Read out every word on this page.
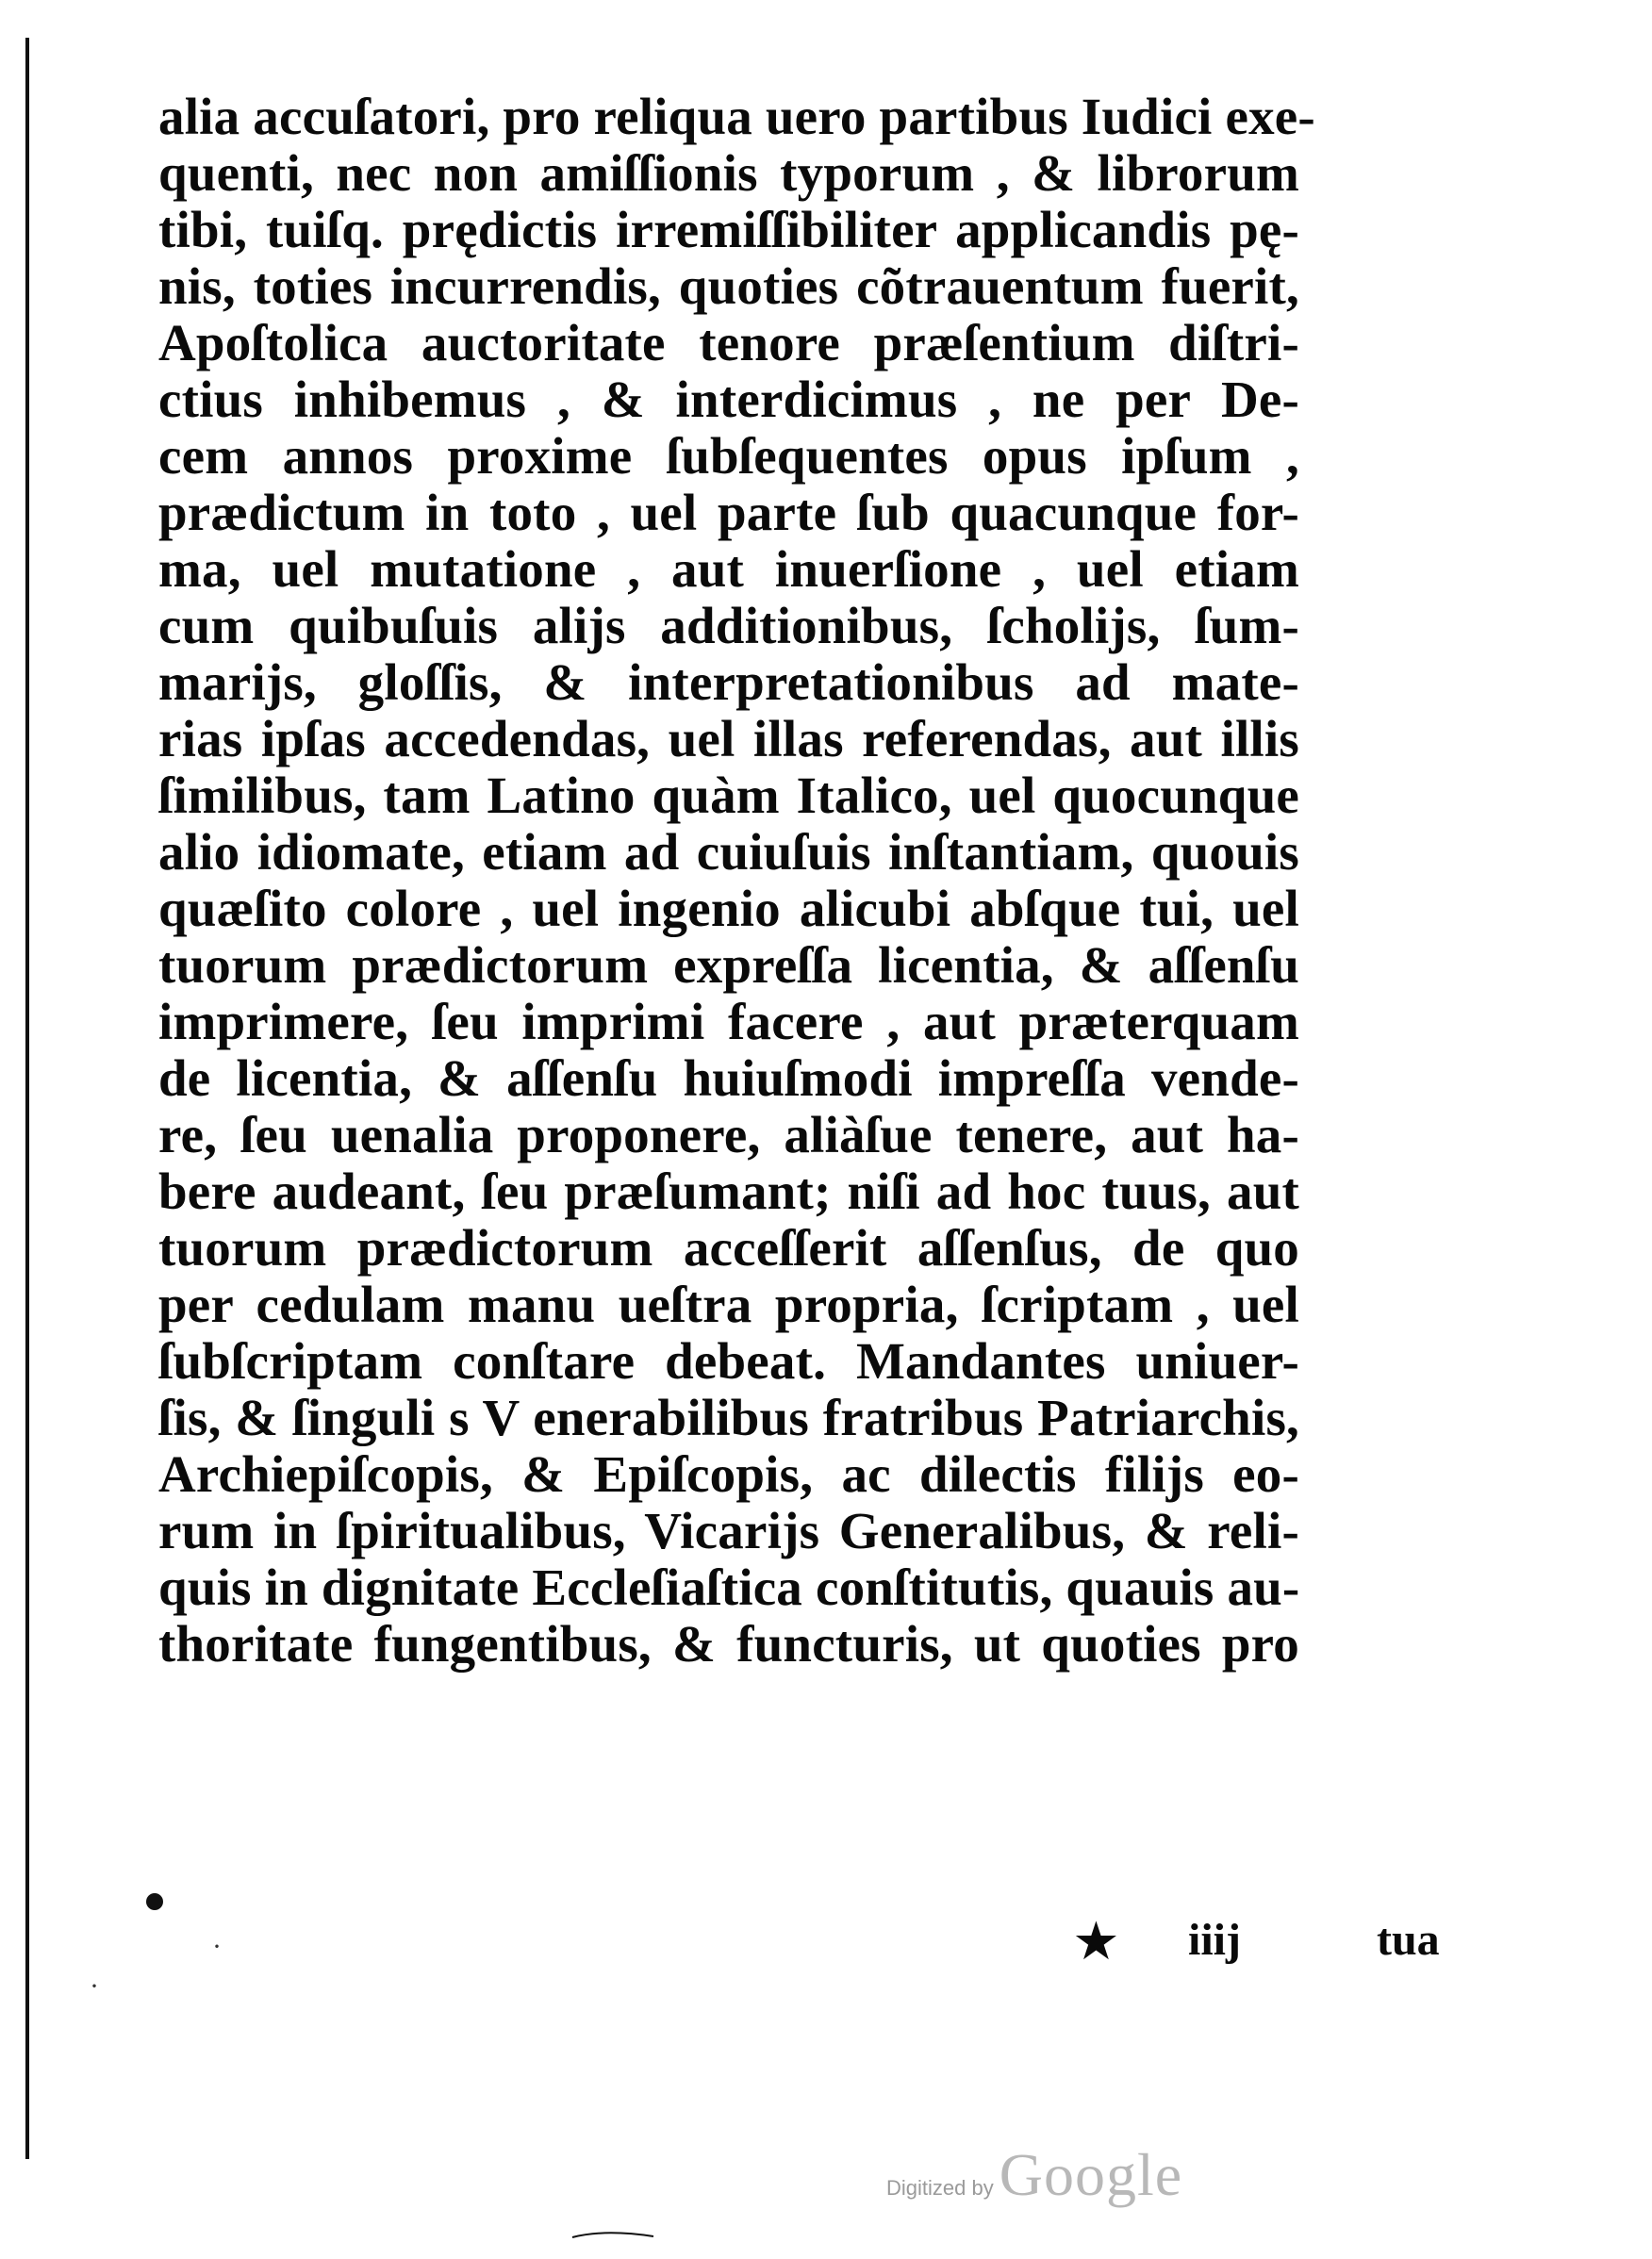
alia accuſatori, pro reliqua uero partibus Iudici exe-
quenti, nec non amiſſionis typorum , & librorum
tibi, tuiſq. prędictis irremiſſibiliter applicandis pę-
nis, toties incurrendis, quoties cõtrauentum fuerit,
Apoſtolica auctoritate tenore præſentium diſtri-
ctius inhibemus , & interdicimus , ne per De-
cem annos proxime ſubſequentes opus ipſum ,
prædictum in toto , uel parte ſub quacunque for-
ma, uel mutatione , aut inuerſione , uel etiam
cum quibuſuis alijs additionibus, ſcholijs, ſum-
marijs, gloſſis, & interpretationibus ad mate-
rias ipſas accedendas, uel illas referendas, aut illis
ſimilibus, tam Latino quàm Italico, uel quocunque
alio idiomate, etiam ad cuiuſuis inſtantiam, quouis
quæſito colore , uel ingenio alicubi abſque tui, uel
tuorum prædictorum expreſſa licentia, & aſſenſu
imprimere, ſeu imprimi facere , aut præterquam
de licentia, & aſſenſu huiuſmodi impreſſa vende-
re, ſeu uenalia proponere, aliàſue tenere, aut ha-
bere audeant, ſeu præſumant; niſi ad hoc tuus, aut
tuorum prædictorum acceſſerit aſſenſus, de quo
per cedulam manu ueſtra propria, ſcriptam , uel
ſubſcriptam conſtare debeat. Mandantes uniuer-
ſis, & ſinguli s V enerabilibus fratribus Patriarchis,
Archiepiſcopis, & Epiſcopis, ac dilectis filijs eo-
rum in ſpiritualibus, Vicarijs Generalibus, & reli-
quis in dignitate Eccleſiaſtica conſtitutis, quauis au-
thoritate fungentibus, & functuris, ut quoties pro
★ iiij	tua
·
·
Digitized by Google
